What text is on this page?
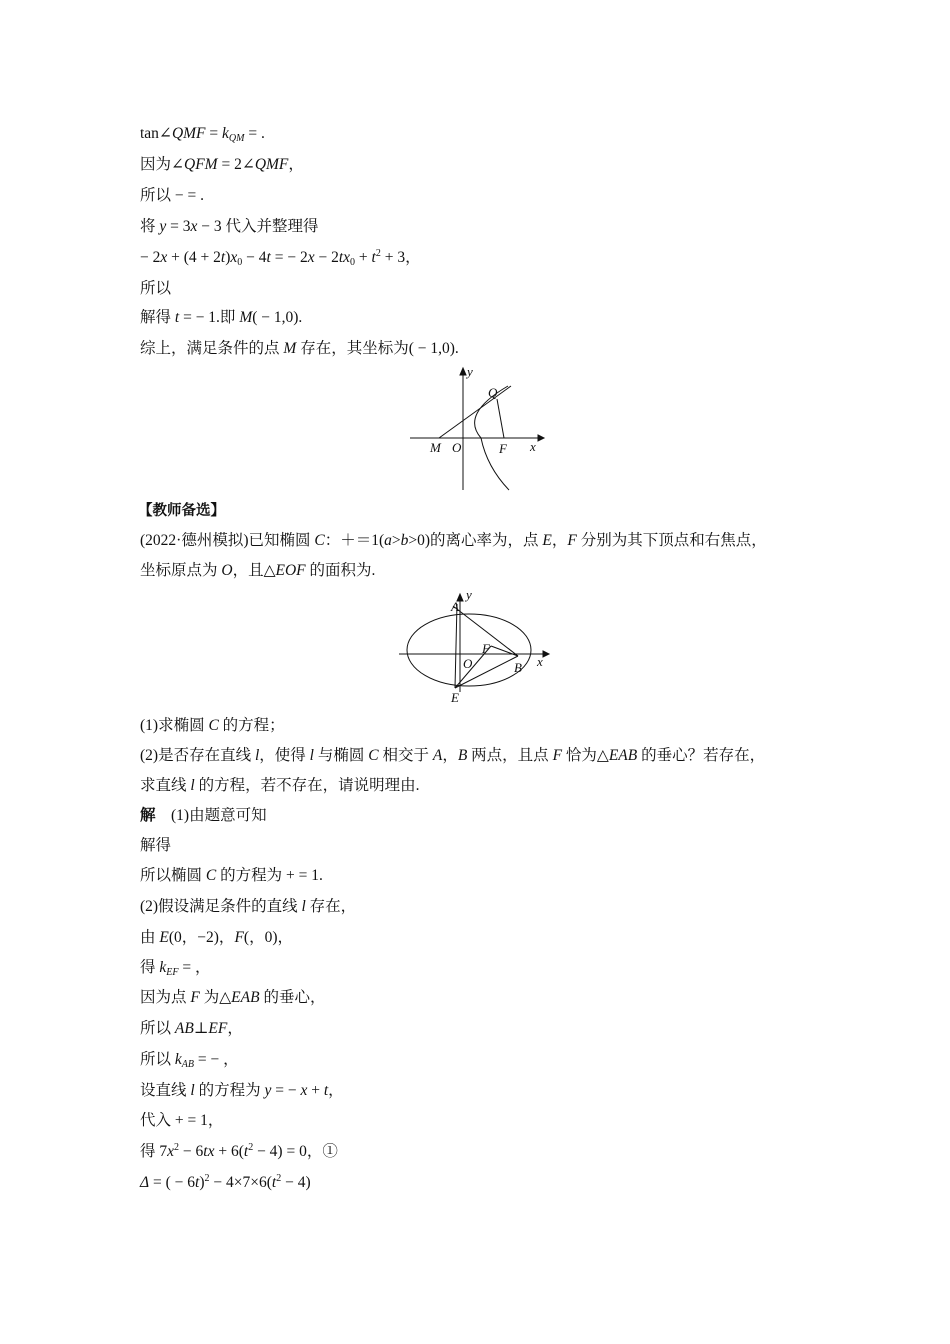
tan∠QMF = $k_{QM}$ = .
因为∠QFM = 2∠QMF，
所以 − = .
将 y = 3x − 3 代入并整理得
− $2x + (4 + 2t)x_0 - 4t$ = − $2x - 2tx_0 + t^2 + 3$，
所以
解得 t = − 1.即 M( − 1,0).
综上，满足条件的点 M 存在，其坐标为( − 1,0).
y
x
Q
M O	F
【教师备选】
(2022·德州模拟)已知椭圆 C：＋＝1(a>b>0)的离心率为，点 E，F 分别为其下顶点和右焦点，
坐标原点为 O，且△EOF 的面积为.
y
x
A
B
E
O
F
(1)求椭圆 C 的方程；
(2)是否存在直线 l，使得 l 与椭圆 C 相交于 A，B 两点，且点 F 恰为△EAB 的垂心？若存在，
求直线 l 的方程，若不存在，请说明理由.
解　(1)由题意可知
解得
所以椭圆 C 的方程为 + = 1.
(2)假设满足条件的直线 l 存在，
由 E(0，−2)，F(，0)，
得 $k_{EF}$ = ，
因为点 F 为△EAB 的垂心，
所以 AB⊥EF，
所以 $k_{AB}$ = − ，
设直线 l 的方程为 y = − x + t，
代入 + = 1，
得 $7x^2 - 6tx + 6(t^2 - 4) = 0$，①
Δ = ( − $6t)^2 - 4\times 7\times 6(t^2 - 4)$
